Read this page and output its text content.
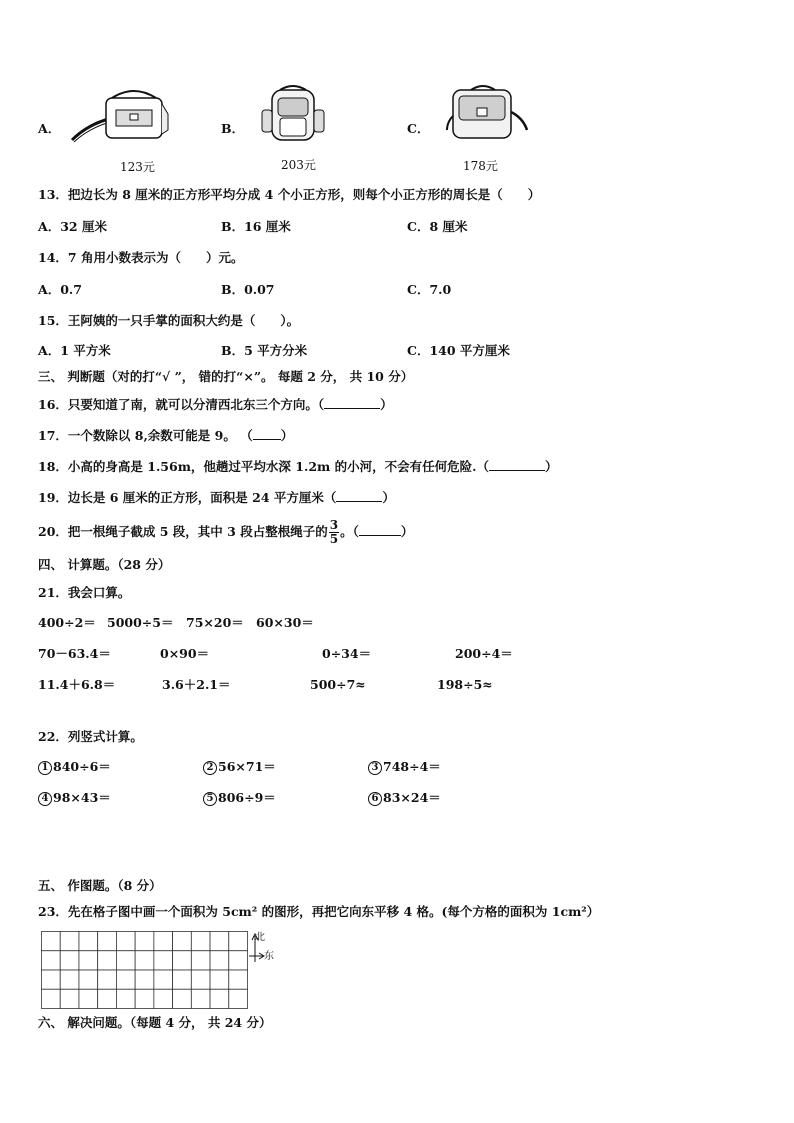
A．
123元
B．
203元
C．
178元
13．把边长为 8 厘米的正方形平均分成 4 个小正方形，则每个小正方形的周长是（　　）
A．32 厘米	B．16 厘米	C．8 厘米
14．7 角用小数表示为（　　）元。
A．0.7	B．0.07	C．7.0
15．王阿姨的一只手掌的面积大约是（　　）。
A．1 平方米	B．5 平方分米	C．140 平方厘米
三、 判断题（对的打“√ ”， 错的打“×”。 每题 2 分， 共 10 分）
16．只要知道了南，就可以分清西北东三个方向。（	）
17．一个数除以 8,余数可能是 9。 （ ）
18．小高的身高是 1.56m，他趟过平均水深 1.2m 的小河，不会有任何危险.（	）
19．边长是 6 厘米的正方形，面积是 24 平方厘米（	）
20．把一根绳子截成 5 段，其中 3 段占整根绳子的 $\frac{3}{5}$ 。（	）
四、 计算题。（28 分）
21．我会口算。
400÷2＝ 5000÷5＝ 75×20＝ 60×30＝
70－63.4＝	0×90＝	0÷34＝	200÷4＝
11.4＋6.8＝	3.6＋2.1＝	500÷7≈	198÷5≈
22．列竖式计算。
1 840÷6＝	2 56×71＝	3 748÷4＝
4 98×43＝	5 806÷9＝	6 83×24＝
五、 作图题。（8 分）
23．先在格子图中画一个面积为 5cm² 的图形，再把它向东平移 4 格。(每个方格的面积为 1cm²）
北
东
六、 解决问题。（每题 4 分， 共 24 分）
